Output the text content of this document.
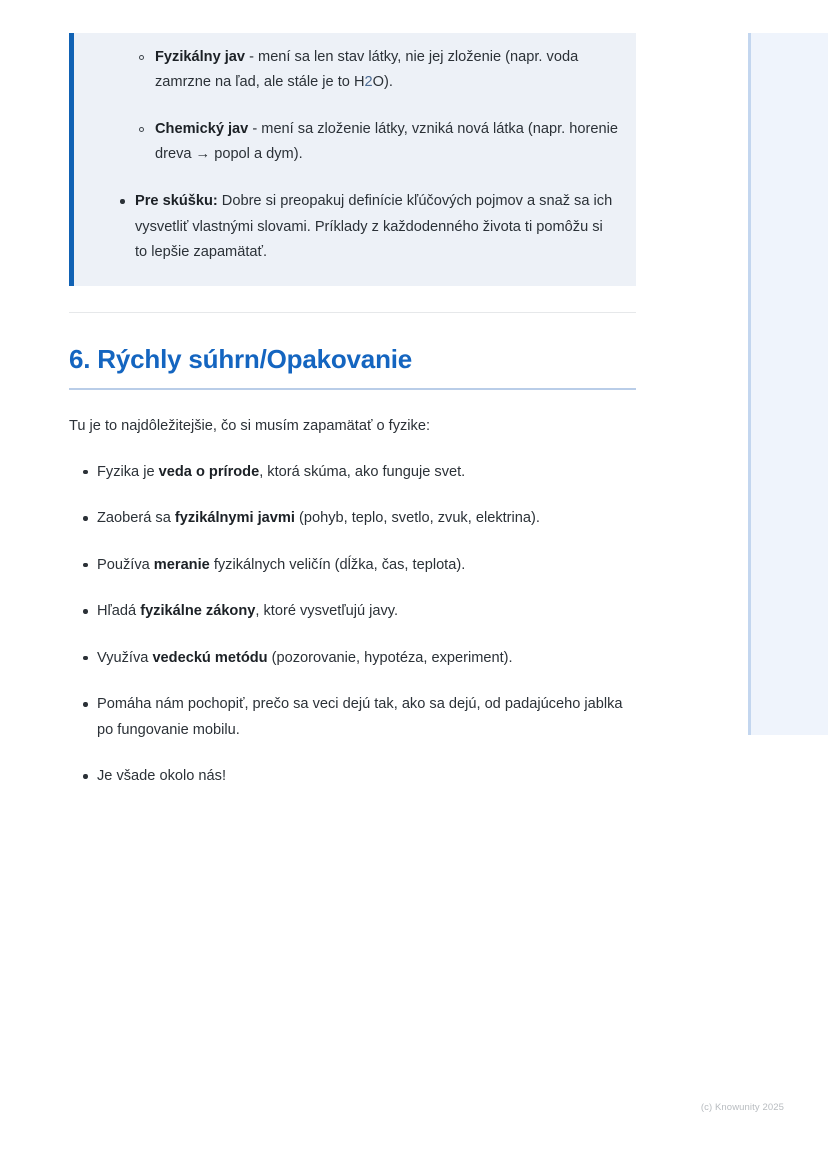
Fyzikálny jav - mení sa len stav látky, nie jej zloženie (napr. voda zamrzne na ľad, ale stále je to H2O).
Chemický jav - mení sa zloženie látky, vzniká nová látka (napr. horenie dreva → popol a dym).
Pre skúšku: Dobre si preopakuj definície kľúčových pojmov a snaž sa ich vysvetliť vlastnými slovami. Príklady z každodenného života ti pomôžu si to lepšie zapamätať.
6. Rýchly súhrn/Opakovanie

Tu je to najdôležitejšie, čo si musím zapamätať o fyzike:

Fyzika je veda o prírode, ktorá skúma, ako funguje svet.
Zaoberá sa fyzikálnymi javmi (pohyb, teplo, svetlo, zvuk, elektrina).
Používa meranie fyzikálnych veličín (dĺžka, čas, teplota).
Hľadá fyzikálne zákony, ktoré vysvetľujú javy.
Využíva vedeckú metódu (pozorovanie, hypotéza, experiment).
Pomáha nám pochopiť, prečo sa veci dejú tak, ako sa dejú, od padajúceho jablka po fungovanie mobilu.
Je všade okolo nás!
(c) Knowunity 2025
